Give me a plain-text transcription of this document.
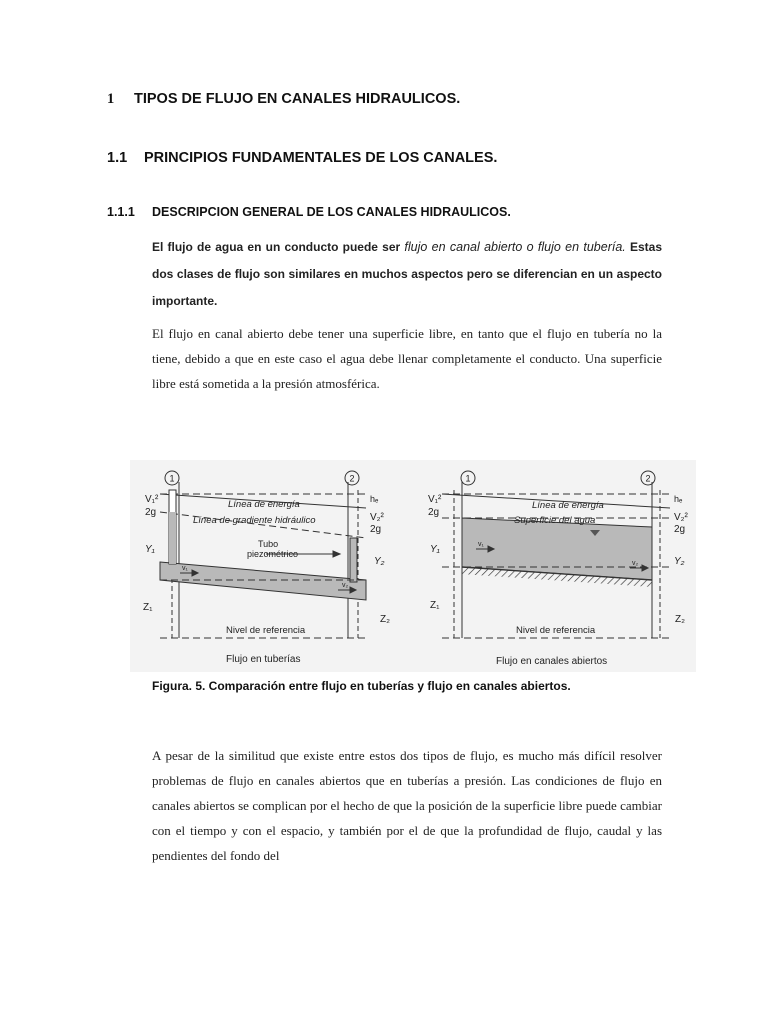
1 TIPOS DE FLUJO EN CANALES HIDRAULICOS.
1.1 PRINCIPIOS FUNDAMENTALES DE LOS CANALES.
1.1.1 DESCRIPCION GENERAL DE LOS CANALES HIDRAULICOS.

El flujo de agua en un conducto puede ser flujo en canal abierto o flujo en tubería. Estas dos clases de flujo son similares en muchos aspectos pero se diferencian en un aspecto importante.

El flujo en canal abierto debe tener una superficie libre, en tanto que el flujo en tubería no la tiene, debido a que en este caso el agua debe llenar completamente el conducto. Una superficie libre está sometida a la presión atmosférica.

1	2
V₁²
2g
hₑ
V₂²
2g
Y₁
Y₂
Z₁
Z₂
v₁
v₂
Línea de energía
Línea de gradiente hidráulico
Tubo
piezométrico
Nivel de referencia
Flujo en tuberías
1	2
V₁²
2g
hₑ
V₂²
2g
Y₁
Y₂
Z₁
Z₂
v₁
v₂
Línea de energía
Superficie del agua
Nivel de referencia
Flujo en canales abiertos
Figura. 5. Comparación entre flujo en tuberías y flujo en canales abiertos.

A pesar de la similitud que existe entre estos dos tipos de flujo, es mucho más difícil resolver problemas de flujo en canales abiertos que en tuberías a presión. Las condiciones de flujo en canales abiertos se complican por el hecho de que la posición de la superficie libre puede cambiar con el tiempo y con el espacio, y también por el de que la profundidad de flujo, caudal y las pendientes del fondo del
